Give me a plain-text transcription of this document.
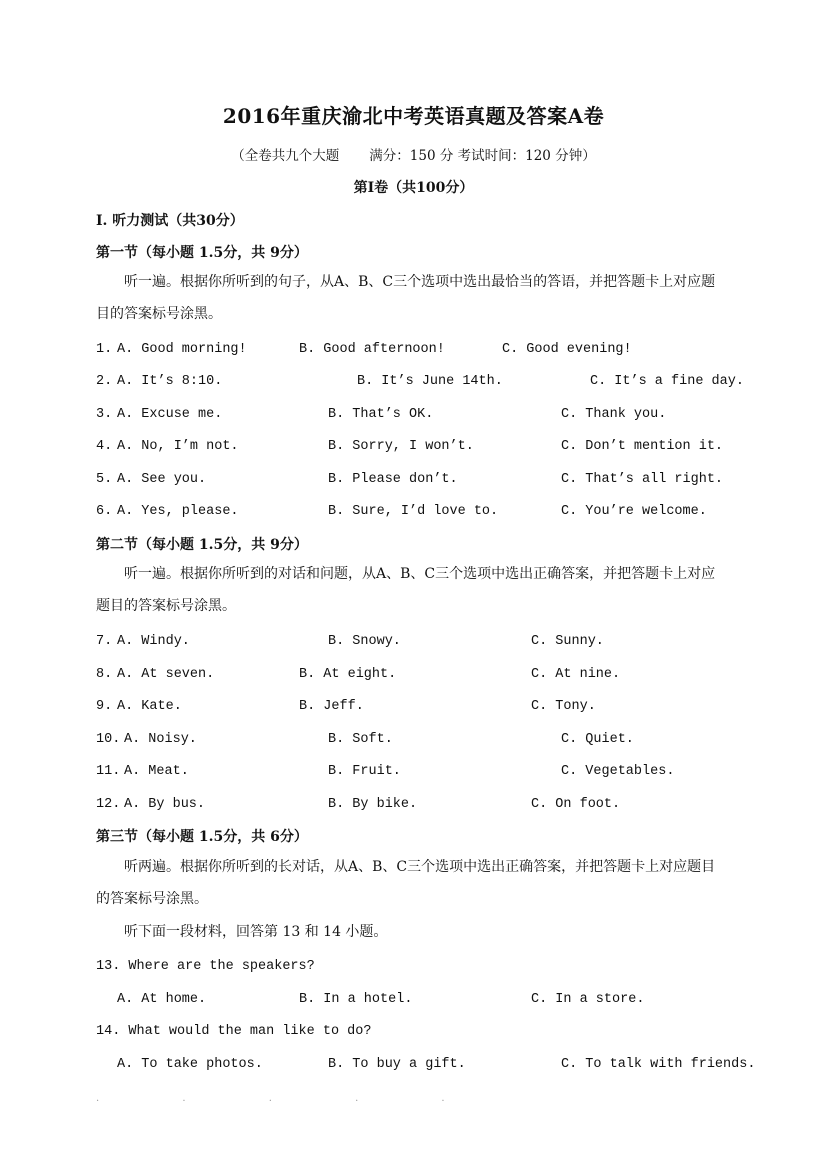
2016年重庆渝北中考英语真题及答案A卷
（全卷共九个大题 满分：150 分 考试时间：120 分钟）
第I卷（共100分）
I. 听力测试（共30分）
第一节（每小题 1.5分，共 9分）
听一遍。根据你所听到的句子，从A、B、C三个选项中选出最恰当的答语，并把答题卡上对应题目的答案标号涂黑。
1. A. Good morning!	B. Good afternoon!	C. Good evening!
2. A. It’s 8:10.	B. It’s June 14th.	C. It’s a fine day.
3. A. Excuse me.	B. That’s OK.	C. Thank you.
4. A. No, I’m not.	B. Sorry, I won’t.	C. Don’t mention it.
5. A. See you.	B. Please don’t.	C. That’s all right.
6. A. Yes, please.	B. Sure, I’d love to.	C. You’re welcome.
第二节（每小题 1.5分，共 9分）
听一遍。根据你所听到的对话和问题，从A、B、C三个选项中选出正确答案，并把答题卡上对应题目的答案标号涂黑。
7. A. Windy.	B. Snowy.	C. Sunny.
8. A. At seven.	B. At eight.	C. At nine.
9. A. Kate.	B. Jeff.	C. Tony.
10. A. Noisy.	B. Soft.	C. Quiet.
11. A. Meat.	B. Fruit.	C. Vegetables.
12. A. By bus.	B. By bike.	C. On foot.
第三节（每小题 1.5分，共 6分）
听两遍。根据你所听到的长对话，从A、B、C三个选项中选出正确答案，并把答题卡上对应题目的答案标号涂黑。
听下面一段材料，回答第 13 和 14 小题。
13. Where are the speakers?
A. At home.	B. In a hotel.	C. In a store.
14. What would the man like to do?
A. To take photos.	B. To buy a gift.	C. To talk with friends.
. . . . .
